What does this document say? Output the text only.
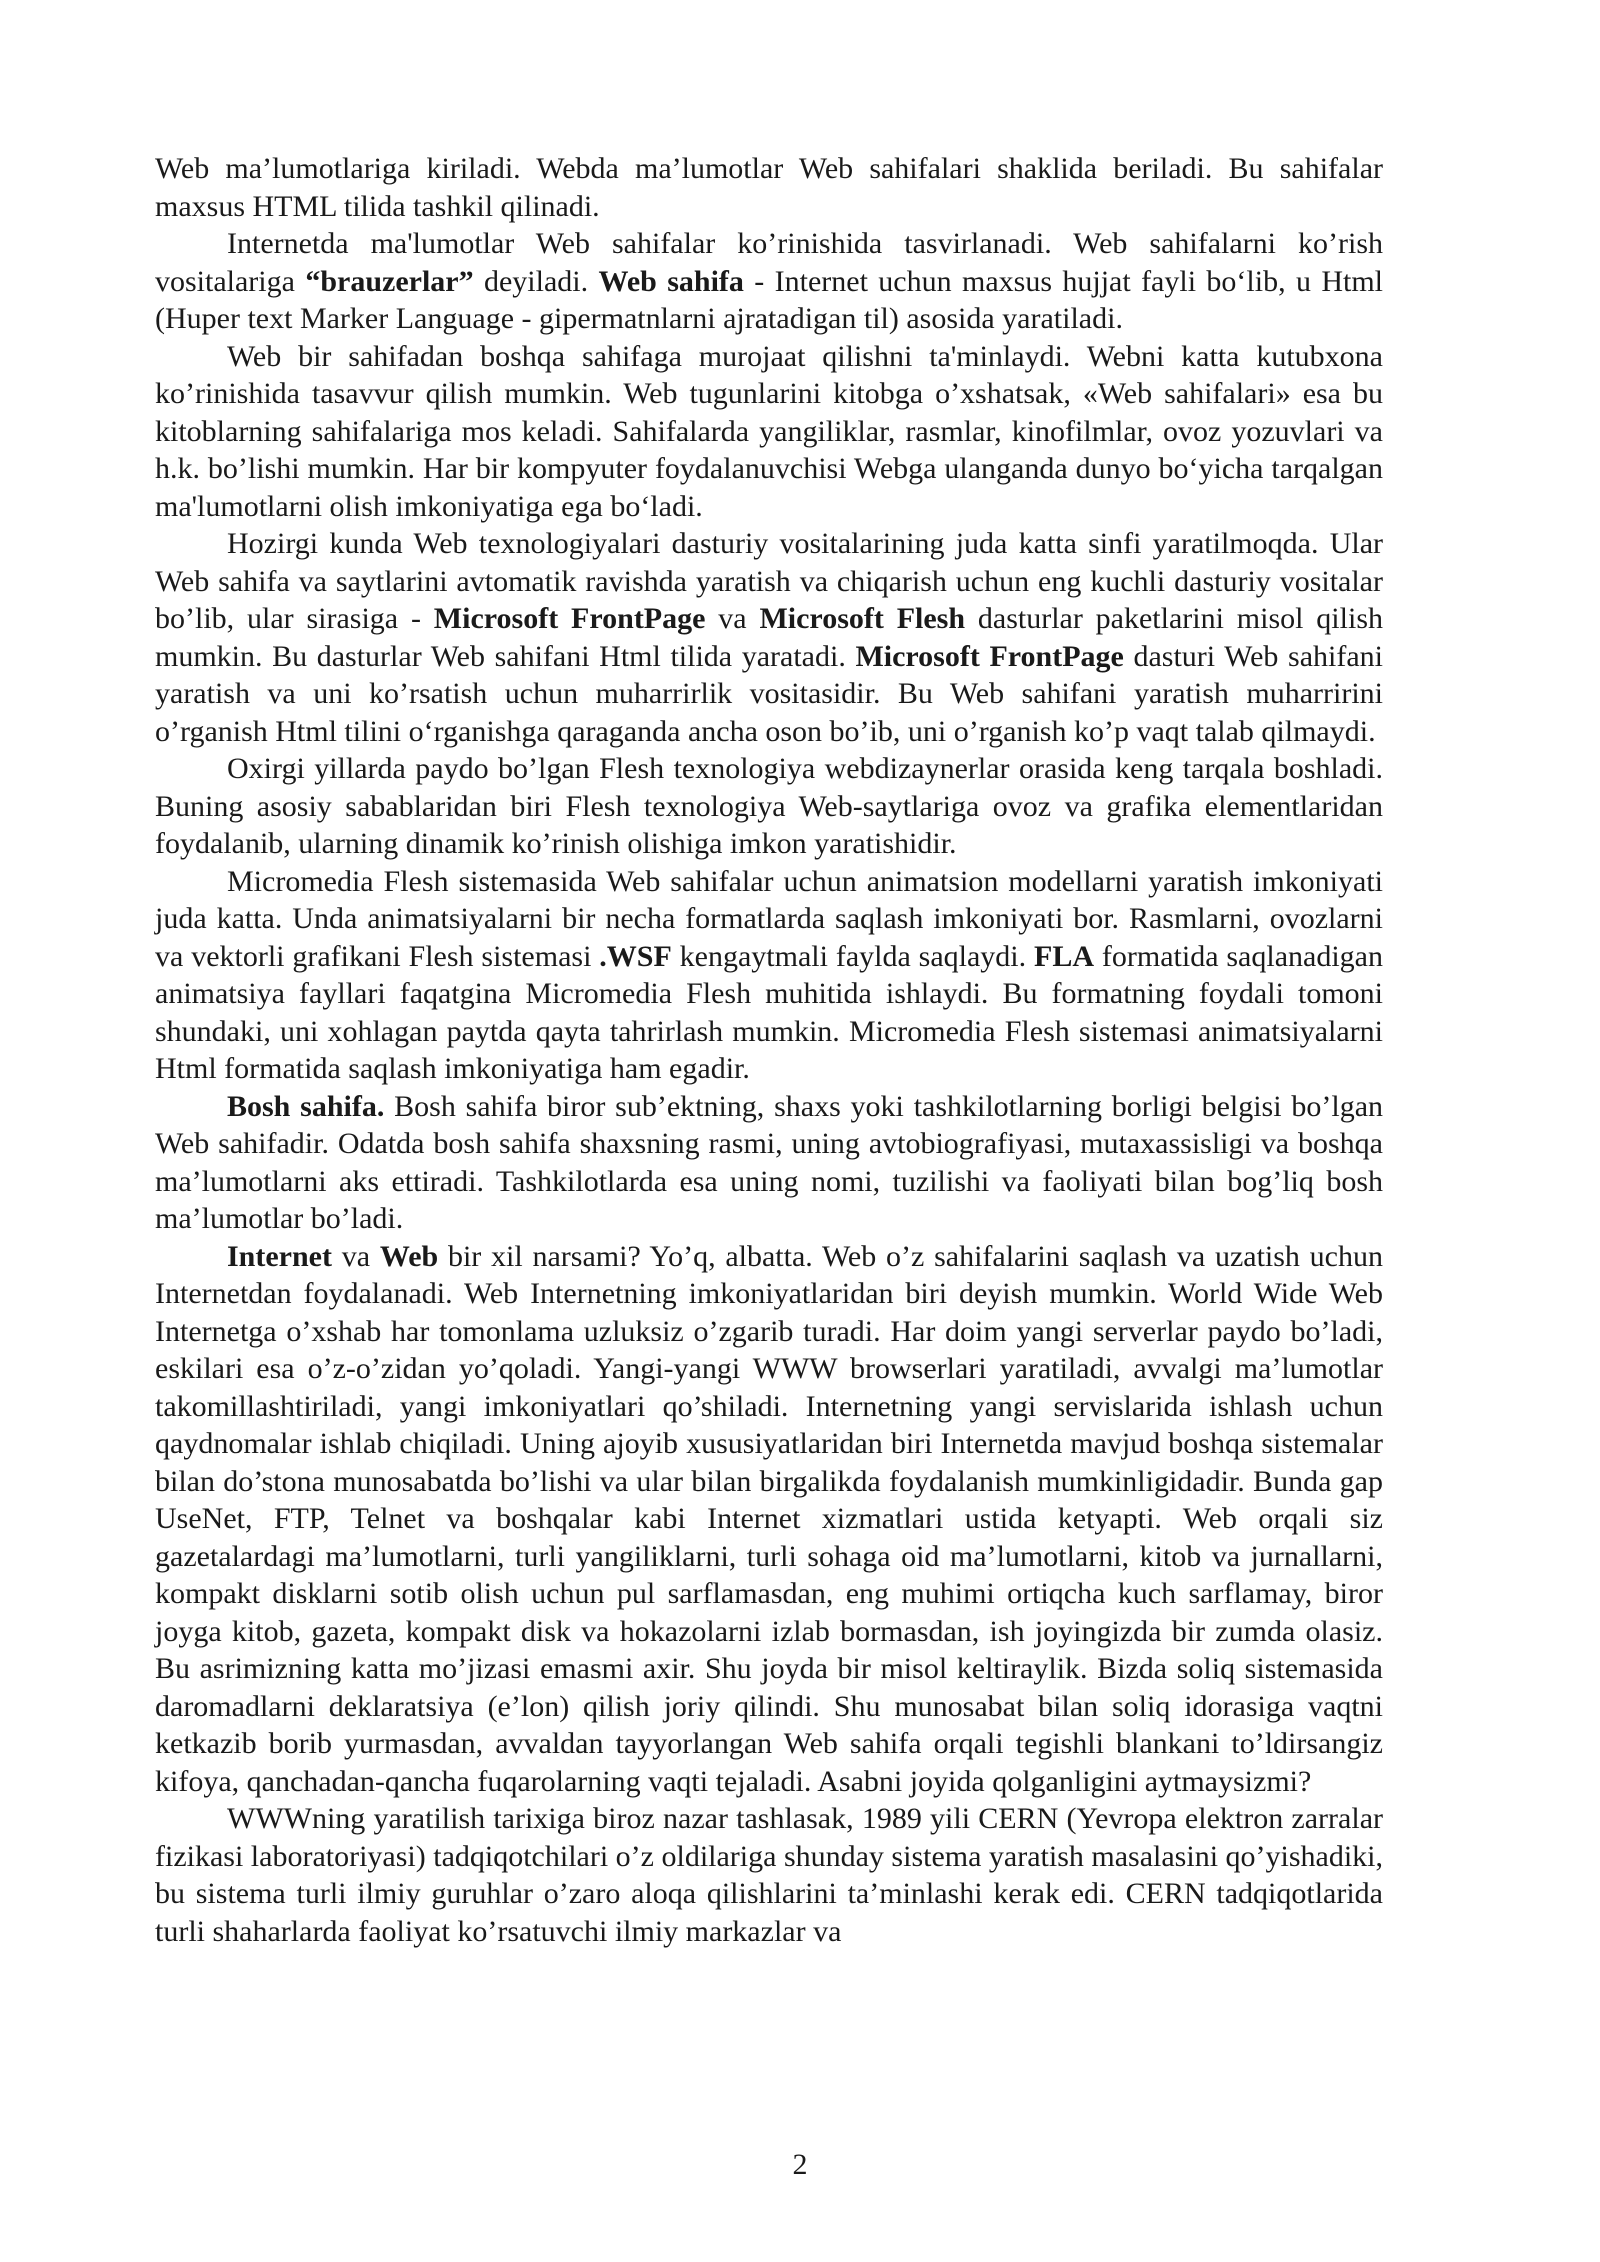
Web ma’lumotlariga kiriladi. Webda ma’lumotlar Web sahifalari shaklida beriladi. Bu sahifalar maxsus HTML tilida tashkil qilinadi.

Internetda ma'lumotlar Web sahifalar ko’rinishida tasvirlanadi. Web sahifalarni ko’rish vositalariga “brauzerlar” deyiladi. Web sahifa - Internet uchun maxsus hujjat fayli bo‘lib, u Html (Huper text Marker Language - gipermatnlarni ajratadigan til) asosida yaratiladi.

Web bir sahifadan boshqa sahifaga murojaat qilishni ta'minlaydi. Webni katta kutubxona ko’rinishida tasavvur qilish mumkin. Web tugunlarini kitobga o’xshatsak, «Web sahifalari» esa bu kitoblarning sahifalariga mos keladi. Sahifalarda yangiliklar, rasmlar, kinofilmlar, ovoz yozuvlari va h.k. bo’lishi mumkin. Har bir kompyuter foydalanuvchisi Webga ulanganda dunyo bo‘yicha tarqalgan ma'lumotlarni olish imkoniyatiga ega bo‘ladi.

Hozirgi kunda Web texnologiyalari dasturiy vositalarining juda katta sinfi yaratilmoqda. Ular Web sahifa va saytlarini avtomatik ravishda yaratish va chiqarish uchun eng kuchli dasturiy vositalar bo’lib, ular sirasiga - Microsoft FrontPage va Microsoft Flesh dasturlar paketlarini misol qilish mumkin. Bu dasturlar Web sahifani Html tilida yaratadi. Microsoft FrontPage dasturi Web sahifani yaratish va uni ko’rsatish uchun muharrirlik vositasidir. Bu Web sahifani yaratish muharririni o’rganish Html tilini o‘rganishga qaraganda ancha oson bo’ib, uni o’rganish ko’p vaqt talab qilmaydi.

Oxirgi yillarda paydo bo’lgan Flesh texnologiya webdizaynerlar orasida keng tarqala boshladi. Buning asosiy sabablaridan biri Flesh texnologiya Web-saytlariga ovoz va grafika elementlaridan foydalanib, ularning dinamik ko’rinish olishiga imkon yaratishidir.

Micromedia Flesh sistemasida Web sahifalar uchun animatsion modellarni yaratish imkoniyati juda katta. Unda animatsiyalarni bir necha formatlarda saqlash imkoniyati bor. Rasmlarni, ovozlarni va vektorli grafikani Flesh sistemasi .WSF kengaytmali faylda saqlaydi. FLA formatida saqlanadigan animatsiya fayllari faqatgina Micromedia Flesh muhitida ishlaydi. Bu formatning foydali tomoni shundaki, uni xohlagan paytda qayta tahrirlash mumkin. Micromedia Flesh sistemasi animatsiyalarni Html formatida saqlash imkoniyatiga ham egadir.

Bosh sahifa. Bosh sahifa biror sub’ektning, shaxs yoki tashkilotlarning borligi belgisi bo’lgan Web sahifadir. Odatda bosh sahifa shaxsning rasmi, uning avtobiografiyasi, mutaxassisligi va boshqa ma’lumotlarni aks ettiradi. Tashkilotlarda esa uning nomi, tuzilishi va faoliyati bilan bog’liq bosh ma’lumotlar bo’ladi.

Internet va Web bir xil narsami? Yo’q, albatta. Web o’z sahifalarini saqlash va uzatish uchun Internetdan foydalanadi. Web Internetning imkoniyatlaridan biri deyish mumkin. World Wide Web Internetga o’xshab har tomonlama uzluksiz o’zgarib turadi. Har doim yangi serverlar paydo bo’ladi, eskilari esa o’z-o’zidan yo’qoladi. Yangi-yangi WWW browserlari yaratiladi, avvalgi ma’lumotlar takomillashtiriladi, yangi imkoniyatlari qo’shiladi. Internetning yangi servislarida ishlash uchun qaydnomalar ishlab chiqiladi. Uning ajoyib xususiyatlaridan biri Internetda mavjud boshqa sistemalar bilan do’stona munosabatda bo’lishi va ular bilan birgalikda foydalanish mumkinligidadir. Bunda gap UseNet, FTP, Telnet va boshqalar kabi Internet xizmatlari ustida ketyapti. Web orqali siz gazetalardagi ma’lumotlarni, turli yangiliklarni, turli sohaga oid ma’lumotlarni, kitob va jurnallarni, kompakt disklarni sotib olish uchun pul sarflamasdan, eng muhimi ortiqcha kuch sarflamay, biror joyga kitob, gazeta, kompakt disk va hokazolarni izlab bormasdan, ish joyingizda bir zumda olasiz. Bu asrimizning katta mo’jizasi emasmi axir. Shu joyda bir misol keltiraylik. Bizda soliq sistemasida daromadlarni deklaratsiya (e’lon) qilish joriy qilindi. Shu munosabat bilan soliq idorasiga vaqtni ketkazib borib yurmasdan, avvaldan tayyorlangan Web sahifa orqali tegishli blankani to’ldirsangiz kifoya, qanchadan-qancha fuqarolarning vaqti tejaladi. Asabni joyida qolganligini aytmaysizmi?

WWWning yaratilish tarixiga biroz nazar tashlasak, 1989 yili CERN (Yevropa elektron zarralar fizikasi laboratoriyasi) tadqiqotchilari o’z oldilariga shunday sistema yaratish masalasini qo’yishadiki, bu sistema turli ilmiy guruhlar o’zaro aloqa qilishlarini ta’minlashi kerak edi. CERN tadqiqotlarida turli shaharlarda faoliyat ko’rsatuvchi ilmiy markazlar va

2
